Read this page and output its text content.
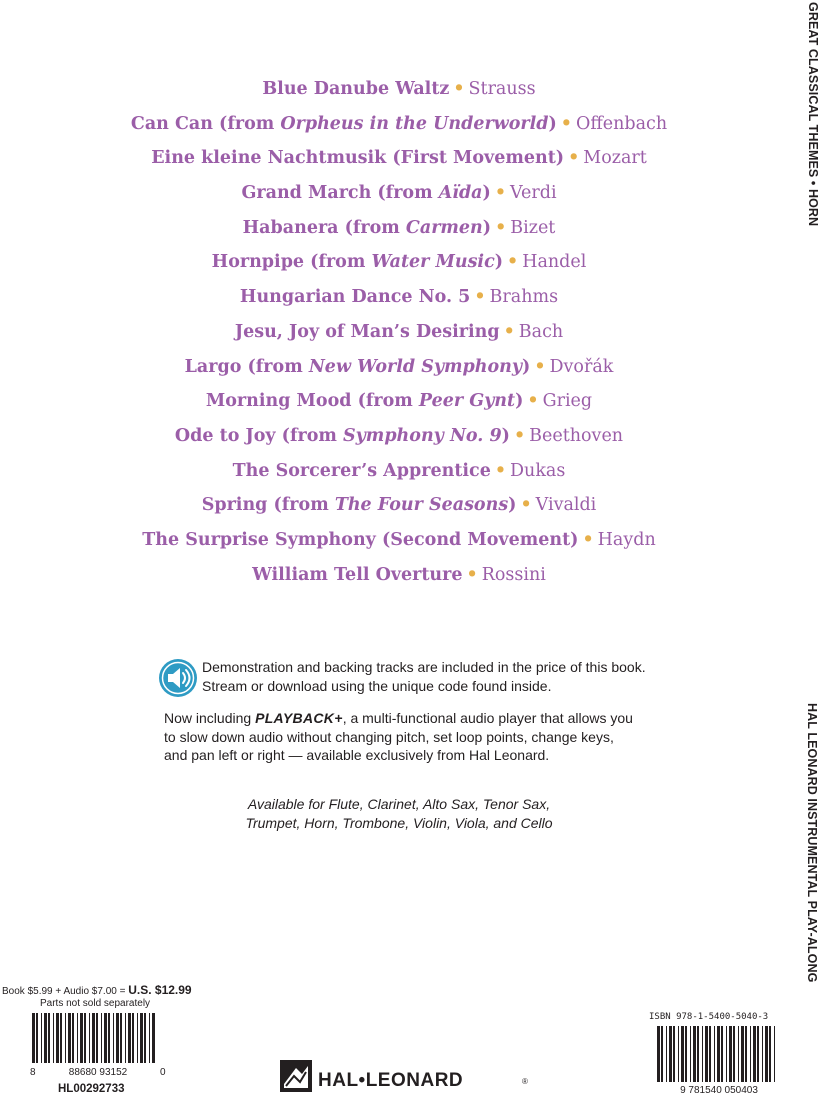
Blue Danube Waltz • Strauss
Can Can (from Orpheus in the Underworld) • Offenbach
Eine kleine Nachtmusik (First Movement) • Mozart
Grand March (from Aïda) • Verdi
Habanera (from Carmen) • Bizet
Hornpipe (from Water Music) • Handel
Hungarian Dance No. 5 • Brahms
Jesu, Joy of Man’s Desiring • Bach
Largo (from New World Symphony) • Dvořák
Morning Mood (from Peer Gynt) • Grieg
Ode to Joy (from Symphony No. 9) • Beethoven
The Sorcerer’s Apprentice • Dukas
Spring (from The Four Seasons) • Vivaldi
The Surprise Symphony (Second Movement) • Haydn
William Tell Overture • Rossini
Demonstration and backing tracks are included in the price of this book.
Stream or download using the unique code found inside.
Now including PLAYBACK+, a multi-functional audio player that allows you
to slow down audio without changing pitch, set loop points, change keys,
and pan left or right — available exclusively from Hal Leonard.
Available for Flute, Clarinet, Alto Sax, Tenor Sax,
Trumpet, Horn, Trombone, Violin, Viola, and Cello
GREAT CLASSICAL THEMES • HORN
HAL LEONARD INSTRUMENTAL PLAY-ALONG
Book $5.99 + Audio $7.00 = U.S. $12.99
Parts not sold separately
8	88680 93152	0
HL00292733
ISBN 978-1-5400-5040-3
9 781540 050403
HAL•LEONARD	®
